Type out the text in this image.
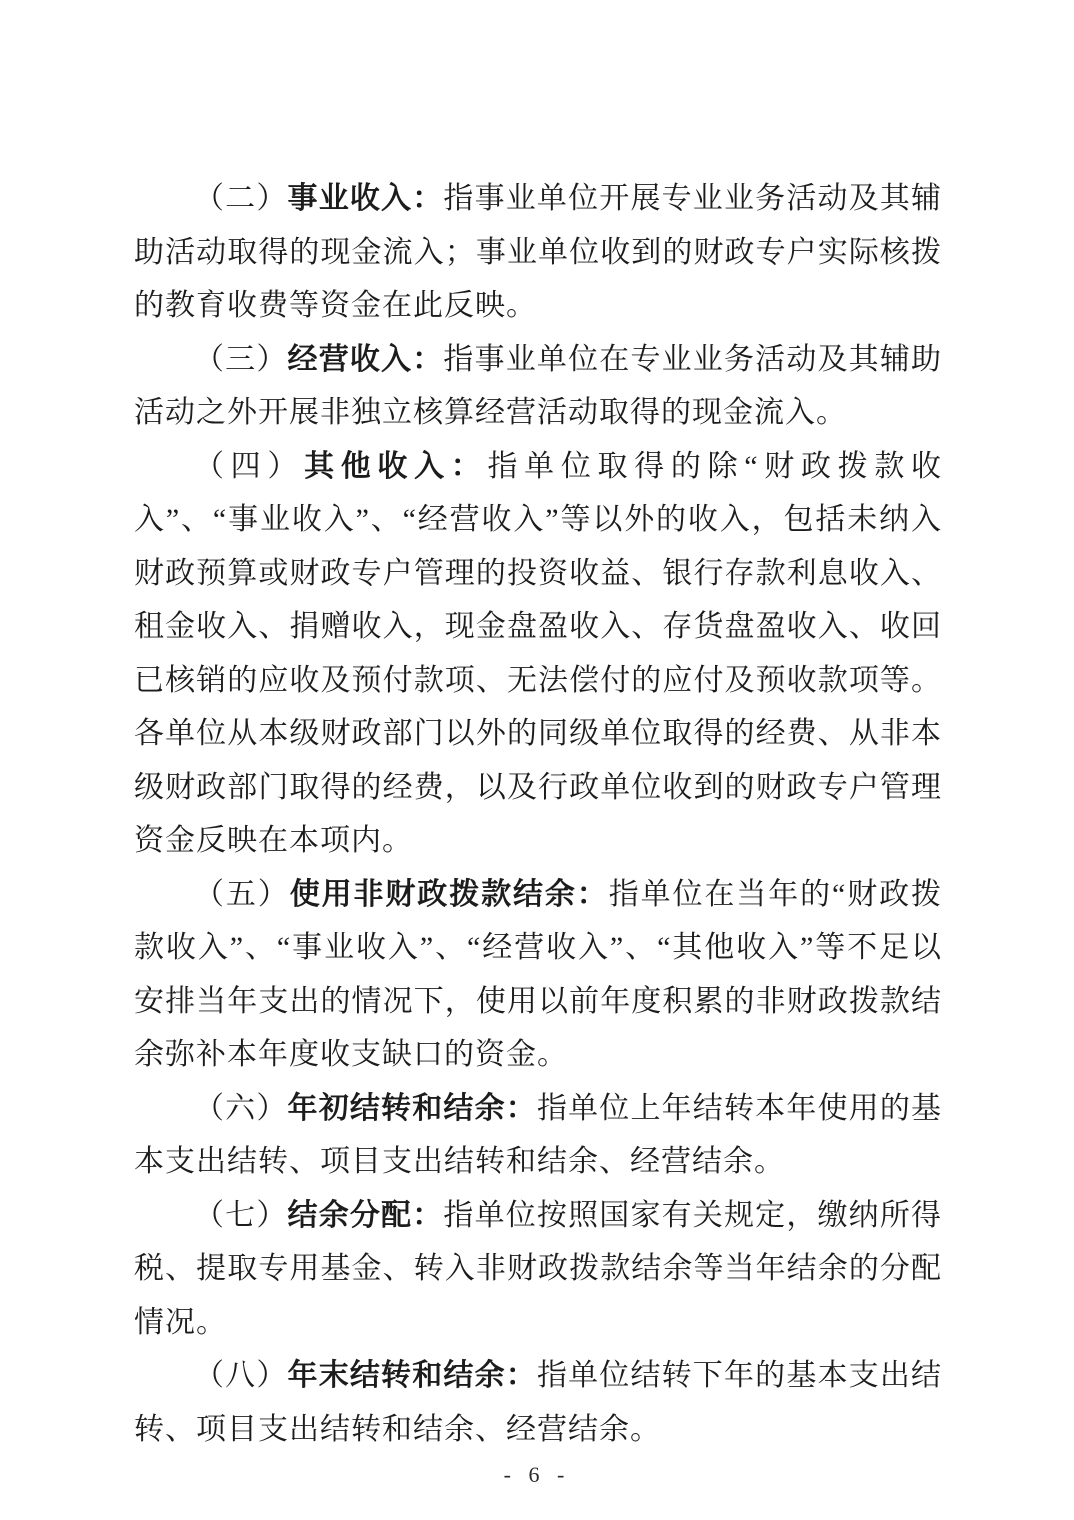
（二）事业收入：指事业单位开展专业业务活动及其辅助活动取得的现金流入；事业单位收到的财政专户实际核拨的教育收费等资金在此反映。

（三）经营收入：指事业单位在专业业务活动及其辅助活动之外开展非独立核算经营活动取得的现金流入。

（四）其他收入：指单位取得的除“财政拨款收入”、“事业收入”、“经营收入”等以外的收入，包括未纳入财政预算或财政专户管理的投资收益、银行存款利息收入、租金收入、捐赠收入，现金盘盈收入、存货盘盈收入、收回已核销的应收及预付款项、无法偿付的应付及预收款项等。各单位从本级财政部门以外的同级单位取得的经费、从非本级财政部门取得的经费，以及行政单位收到的财政专户管理资金反映在本项内。

（五）使用非财政拨款结余：指单位在当年的“财政拨款收入”、“事业收入”、“经营收入”、“其他收入”等不足以安排当年支出的情况下，使用以前年度积累的非财政拨款结余弥补本年度收支缺口的资金。

（六）年初结转和结余：指单位上年结转本年使用的基本支出结转、项目支出结转和结余、经营结余。

（七）结余分配：指单位按照国家有关规定，缴纳所得税、提取专用基金、转入非财政拨款结余等当年结余的分配情况。

（八）年末结转和结余：指单位结转下年的基本支出结转、项目支出结转和结余、经营结余。

- 6 -
